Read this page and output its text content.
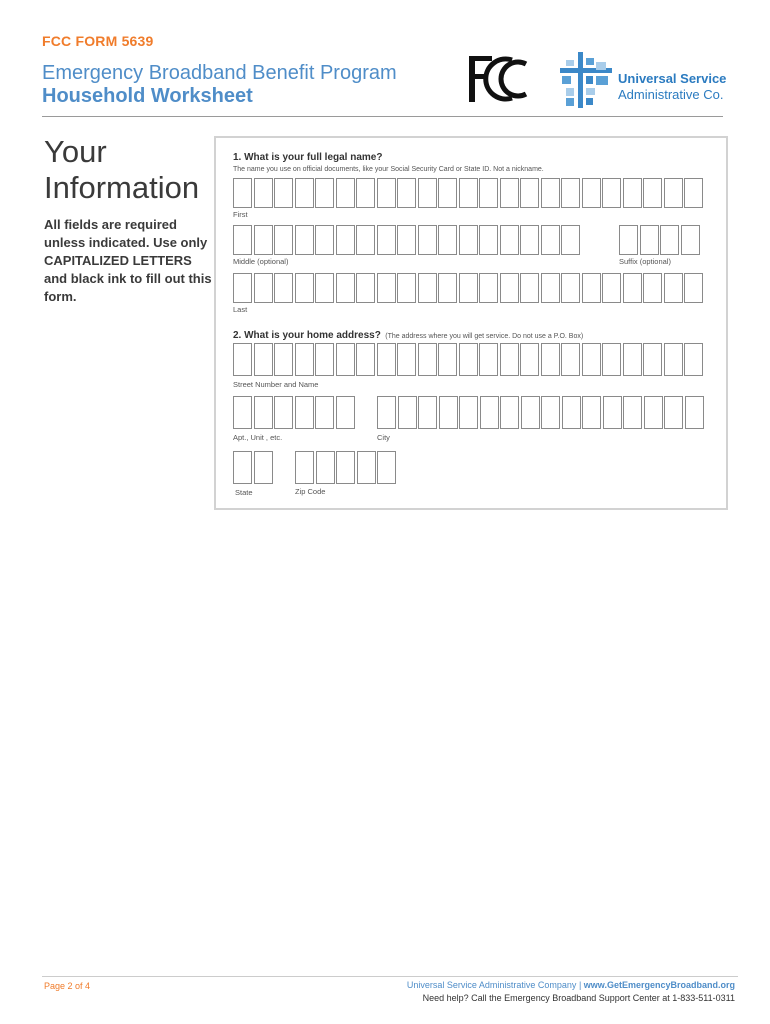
FCC FORM 5639
Emergency Broadband Benefit Program
Household Worksheet
Universal Service
Administrative Co.
Your
Information
All fields are required unless indicated. Use only CAPITALIZED LETTERS and black ink to fill out this form.
1. What is your full legal name?
The name you use on official documents, like your Social Security Card or State ID. Not a nickname.
First
Middle (optional)	Suffix (optional)
Last
2. What is your home address? (The address where you will get service. Do not use a P.O. Box)
Street Number and Name
Apt., Unit , etc.	City
State	Zip Code
Page 2 of 4	Universal Service Administrative Company | www.GetEmergencyBroadband.org
Need help? Call the Emergency Broadband Support Center at 1-833-511-0311
